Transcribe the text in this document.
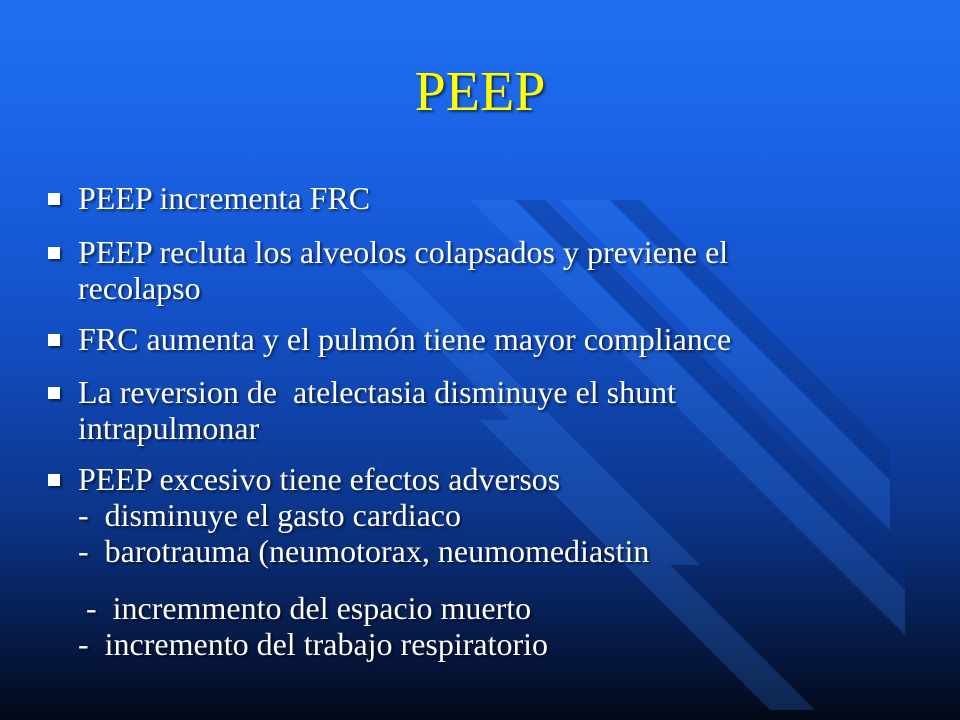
PEEP
PEEP incrementa FRC
PEEP recluta los alveolos colapsados y previene el
recolapso
FRC aumenta y el pulmón tiene mayor compliance
La reversion de  atelectasia disminuye el shunt
intrapulmonar
PEEP excesivo tiene efectos adversos
-  disminuye el gasto cardiaco
-  barotrauma (neumotorax, neumomediastin
-  incremmento del espacio muerto
-  incremento del trabajo respiratorio
